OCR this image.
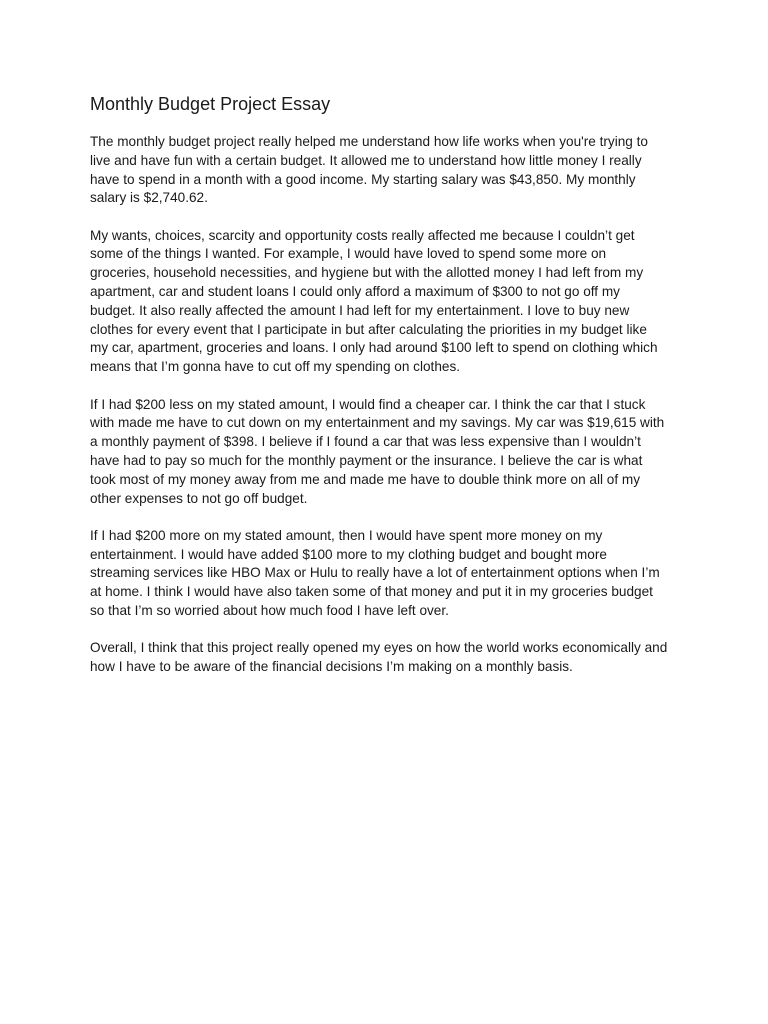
Monthly Budget Project Essay

The monthly budget project really helped me understand how life works when you're trying to
live and have fun with a certain budget. It allowed me to understand how little money I really
have to spend in a month with a good income. My starting salary was $43,850. My monthly
salary is $2,740.62.

My wants, choices, scarcity and opportunity costs really affected me because I couldn’t get
some of the things I wanted. For example, I would have loved to spend some more on
groceries, household necessities, and hygiene but with the allotted money I had left from my
apartment, car and student loans I could only afford a maximum of $300 to not go off my
budget. It also really affected the amount I had left for my entertainment. I love to buy new
clothes for every event that I participate in but after calculating the priorities in my budget like
my car, apartment, groceries and loans. I only had around $100 left to spend on clothing which
means that I’m gonna have to cut off my spending on clothes.

If I had $200 less on my stated amount, I would find a cheaper car. I think the car that I stuck
with made me have to cut down on my entertainment and my savings. My car was $19,615 with
a monthly payment of $398. I believe if I found a car that was less expensive than I wouldn’t
have had to pay so much for the monthly payment or the insurance. I believe the car is what
took most of my money away from me and made me have to double think more on all of my
other expenses to not go off budget.

If I had $200 more on my stated amount, then I would have spent more money on my
entertainment. I would have added $100 more to my clothing budget and bought more
streaming services like HBO Max or Hulu to really have a lot of entertainment options when I’m
at home. I think I would have also taken some of that money and put it in my groceries budget
so that I’m so worried about how much food I have left over.

Overall, I think that this project really opened my eyes on how the world works economically and
how I have to be aware of the financial decisions I’m making on a monthly basis.
